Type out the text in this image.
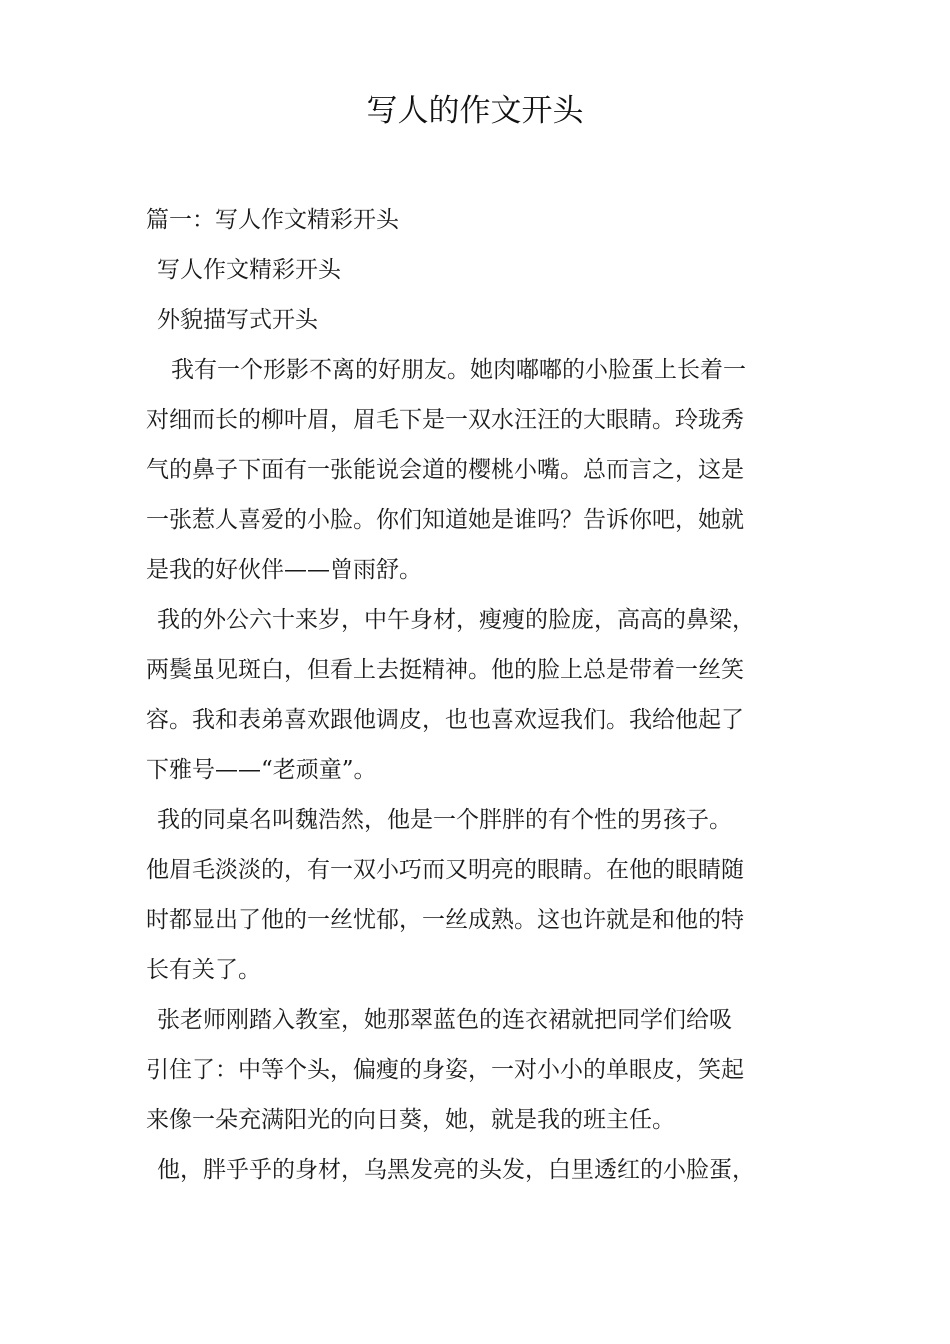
写人的作文开头
篇一：写人作文精彩开头
写人作文精彩开头
外貌描写式开头
我有一个形影不离的好朋友。她肉嘟嘟的小脸蛋上长着一
对细而长的柳叶眉，眉毛下是一双水汪汪的大眼睛。玲珑秀
气的鼻子下面有一张能说会道的樱桃小嘴。总而言之，这是
一张惹人喜爱的小脸。你们知道她是谁吗？告诉你吧，她就
是我的好伙伴——曾雨舒。
我的外公六十来岁，中午身材，瘦瘦的脸庞，高高的鼻梁，
两鬓虽见斑白，但看上去挺精神。他的脸上总是带着一丝笑
容。我和表弟喜欢跟他调皮，也也喜欢逗我们。我给他起了
下雅号——“老顽童”。
我的同桌名叫魏浩然，他是一个胖胖的有个性的男孩子。
他眉毛淡淡的，有一双小巧而又明亮的眼睛。在他的眼睛随
时都显出了他的一丝忧郁，一丝成熟。这也许就是和他的特
长有关了。
张老师刚踏入教室，她那翠蓝色的连衣裙就把同学们给吸
引住了：中等个头，偏瘦的身姿，一对小小的单眼皮，笑起
来像一朵充满阳光的向日葵，她，就是我的班主任。
他，胖乎乎的身材，乌黑发亮的头发，白里透红的小脸蛋，
